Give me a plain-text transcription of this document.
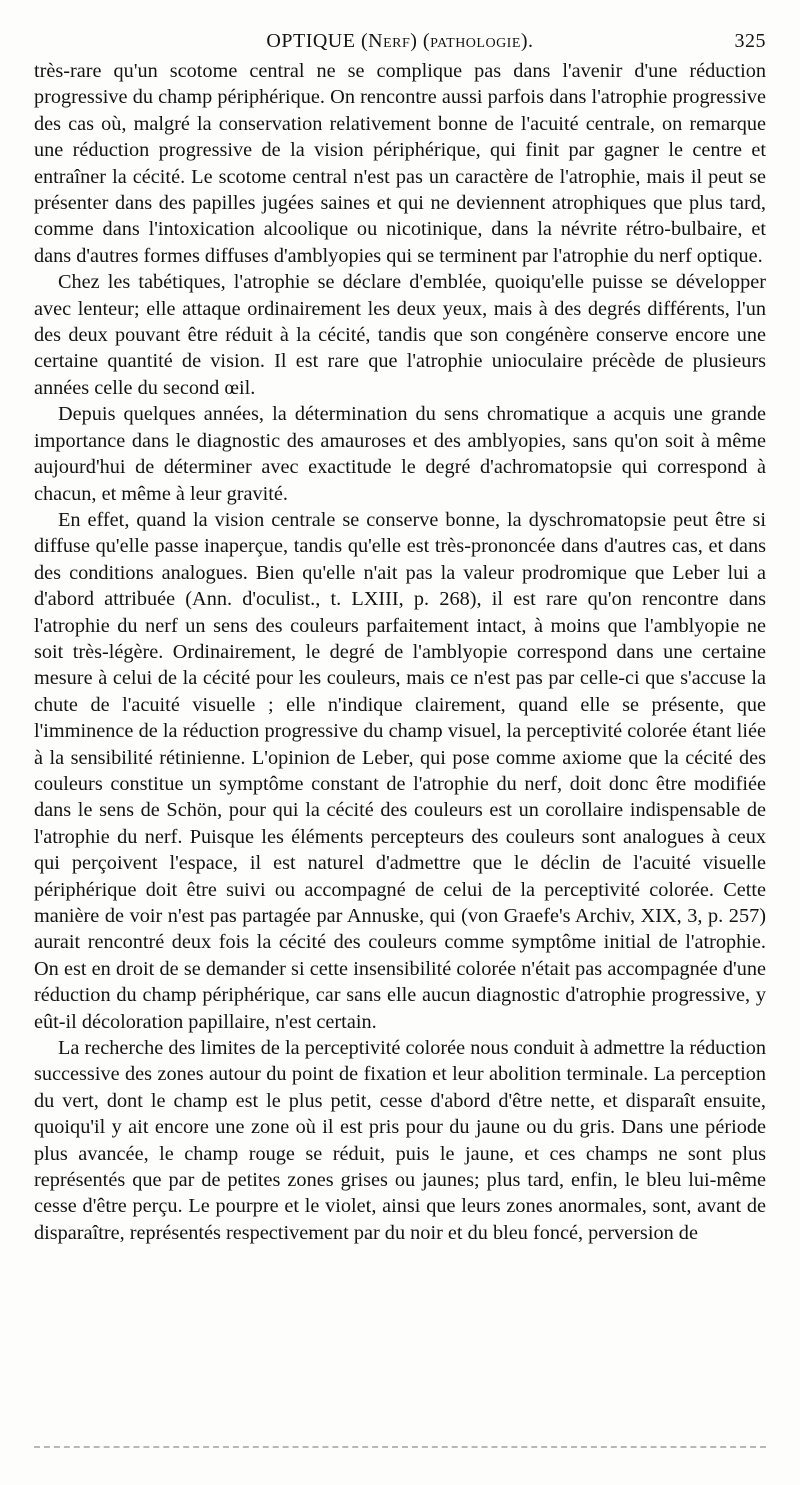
OPTIQUE (Nerf) (pathologie).	325

très-rare qu'un scotome central ne se complique pas dans l'avenir d'une réduction progressive du champ périphérique. On rencontre aussi parfois dans l'atrophie progressive des cas où, malgré la conservation relativement bonne de l'acuité centrale, on remarque une réduction progressive de la vision périphérique, qui finit par gagner le centre et entraîner la cécité. Le scotome central n'est pas un caractère de l'atrophie, mais il peut se présenter dans des papilles jugées saines et qui ne deviennent atrophiques que plus tard, comme dans l'intoxication alcoolique ou nicotinique, dans la névrite rétro-bulbaire, et dans d'autres formes diffuses d'amblyopies qui se terminent par l'atrophie du nerf optique.

Chez les tabétiques, l'atrophie se déclare d'emblée, quoiqu'elle puisse se développer avec lenteur; elle attaque ordinairement les deux yeux, mais à des degrés différents, l'un des deux pouvant être réduit à la cécité, tandis que son congénère conserve encore une certaine quantité de vision. Il est rare que l'atrophie unioculaire précède de plusieurs années celle du second œil.

Depuis quelques années, la détermination du sens chromatique a acquis une grande importance dans le diagnostic des amauroses et des amblyopies, sans qu'on soit à même aujourd'hui de déterminer avec exactitude le degré d'achromatopsie qui correspond à chacun, et même à leur gravité.

En effet, quand la vision centrale se conserve bonne, la dyschromatopsie peut être si diffuse qu'elle passe inaperçue, tandis qu'elle est très-prononcée dans d'autres cas, et dans des conditions analogues. Bien qu'elle n'ait pas la valeur prodromique que Leber lui a d'abord attribuée (Ann. d'oculist., t. LXIII, p. 268), il est rare qu'on rencontre dans l'atrophie du nerf un sens des couleurs parfaitement intact, à moins que l'amblyopie ne soit très-légère. Ordinairement, le degré de l'amblyopie correspond dans une certaine mesure à celui de la cécité pour les couleurs, mais ce n'est pas par celle-ci que s'accuse la chute de l'acuité visuelle ; elle n'indique clairement, quand elle se présente, que l'imminence de la réduction progressive du champ visuel, la perceptivité colorée étant liée à la sensibilité rétinienne. L'opinion de Leber, qui pose comme axiome que la cécité des couleurs constitue un symptôme constant de l'atrophie du nerf, doit donc être modifiée dans le sens de Schön, pour qui la cécité des couleurs est un corollaire indispensable de l'atrophie du nerf. Puisque les éléments percepteurs des couleurs sont analogues à ceux qui perçoivent l'espace, il est naturel d'admettre que le déclin de l'acuité visuelle périphérique doit être suivi ou accompagné de celui de la perceptivité colorée. Cette manière de voir n'est pas partagée par Annuske, qui (von Graefe's Archiv, XIX, 3, p. 257) aurait rencontré deux fois la cécité des couleurs comme symptôme initial de l'atrophie. On est en droit de se demander si cette insensibilité colorée n'était pas accompagnée d'une réduction du champ périphérique, car sans elle aucun diagnostic d'atrophie progressive, y eût-il décoloration papillaire, n'est certain.

La recherche des limites de la perceptivité colorée nous conduit à admettre la réduction successive des zones autour du point de fixation et leur abolition terminale. La perception du vert, dont le champ est le plus petit, cesse d'abord d'être nette, et disparaît ensuite, quoiqu'il y ait encore une zone où il est pris pour du jaune ou du gris. Dans une période plus avancée, le champ rouge se réduit, puis le jaune, et ces champs ne sont plus représentés que par de petites zones grises ou jaunes; plus tard, enfin, le bleu lui-même cesse d'être perçu. Le pourpre et le violet, ainsi que leurs zones anormales, sont, avant de disparaître, représentés respectivement par du noir et du bleu foncé, perversion de
